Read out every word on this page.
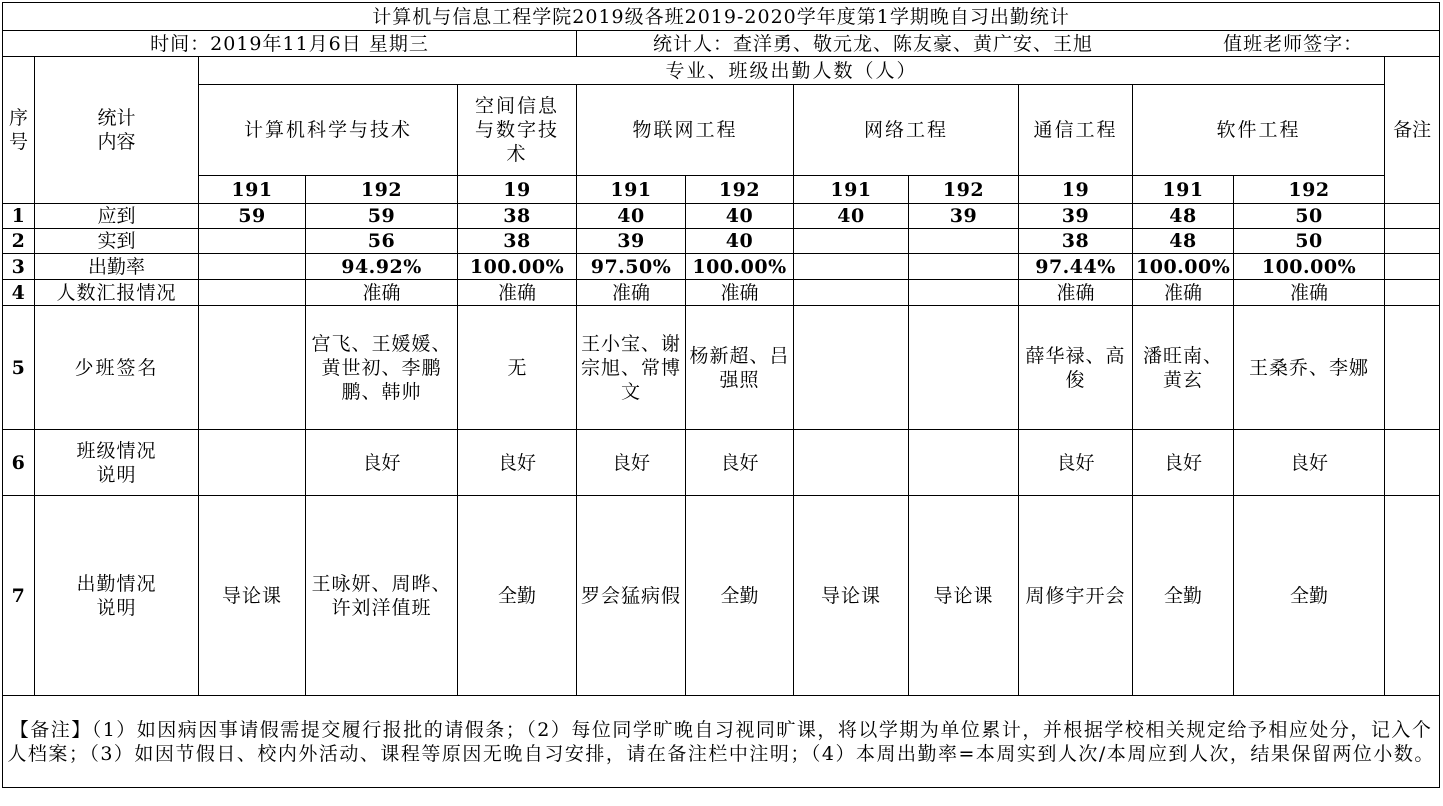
计算机与信息工程学院2019级各班2019-2020学年度第1学期晚自习出勤统计												
时间：2019年11月6日 星期三					统计人：查洋勇、敬元龙、陈友豪、黄广安、王旭 值班老师签字：							
序号	统计
内容	专业、班级出勤人数（人）										备注
		计算机科学与技术		空间信息
与数字技
术	物联网工程		网络工程		通信工程	软件工程		
		191	192	19	191	192	191	192	19	191	192	
1	应到	59	59	38	40	40	40	39	39	48	50	
2	实到		56	38	39	40			38	48	50	
3	出勤率		94.92%	100.00%	97.50%	100.00%			97.44%	100.00%	100.00%	
4	人数汇报情况		准确	准确	准确	准确			准确	准确	准确	
5	少班签名		宫飞、王媛媛、黄世初、李鹏鹏、韩帅	无	王小宝、谢宗旭、常博文	杨新超、吕强照			薛华禄、高俊	潘旺南、黄玄	王桑乔、李娜	
6	班级情况
说明		良好	良好	良好	良好			良好	良好	良好	
7	出勤情况
说明	导论课	王咏妍、周晔、许刘洋值班	全勤	罗会猛病假	全勤	导论课	导论课	周修宇开会	全勤	全勤	
【备注】（1）如因病因事请假需提交履行报批的请假条；（2）每位同学旷晚自习视同旷课，将以学期为单位累计，并根据学校相关规定给予相应处分，记入个人档案；（3）如因节假日、校内外活动、课程等原因无晚自习安排，请在备注栏中注明；（4）本周出勤率=本周实到人次/本周应到人次，结果保留两位小数。												
